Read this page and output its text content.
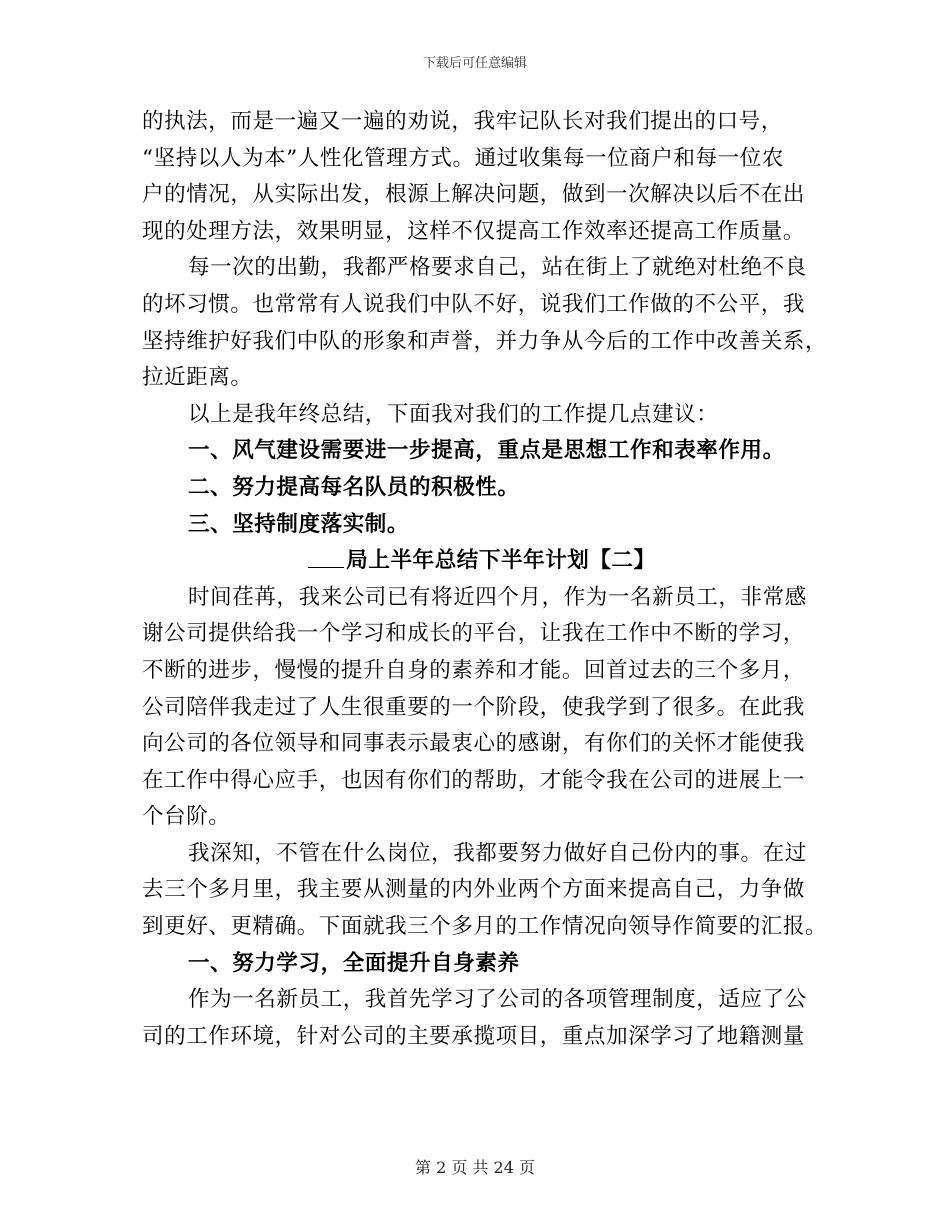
下载后可任意编辑
的执法，而是一遍又一遍的劝说，我牢记队长对我们提出的口号，
“坚持以人为本”人性化管理方式。通过收集每一位商户和每一位农
户的情况，从实际出发，根源上解决问题，做到一次解决以后不在出
现的处理方法，效果明显，这样不仅提高工作效率还提高工作质量。
每一次的出勤，我都严格要求自己，站在街上了就绝对杜绝不良
的坏习惯。也常常有人说我们中队不好，说我们工作做的不公平，我
坚持维护好我们中队的形象和声誉，并力争从今后的工作中改善关系，
拉近距离。
以上是我年终总结，下面我对我们的工作提几点建议：
一、风气建设需要进一步提高，重点是思想工作和表率作用。
二、努力提高每名队员的积极性。
三、坚持制度落实制。
局上半年总结下半年计划【二】
时间荏苒，我来公司已有将近四个月，作为一名新员工，非常感
谢公司提供给我一个学习和成长的平台，让我在工作中不断的学习，
不断的进步，慢慢的提升自身的素养和才能。回首过去的三个多月，
公司陪伴我走过了人生很重要的一个阶段，使我学到了很多。在此我
向公司的各位领导和同事表示最衷心的感谢，有你们的关怀才能使我
在工作中得心应手，也因有你们的帮助，才能令我在公司的进展上一
个台阶。
我深知，不管在什么岗位，我都要努力做好自己份内的事。在过
去三个多月里，我主要从测量的内外业两个方面来提高自己，力争做
到更好、更精确。下面就我三个多月的工作情况向领导作简要的汇报。
一、努力学习，全面提升自身素养
作为一名新员工，我首先学习了公司的各项管理制度，适应了公
司的工作环境，针对公司的主要承揽项目，重点加深学习了地籍测量
第 2 页 共 24 页
